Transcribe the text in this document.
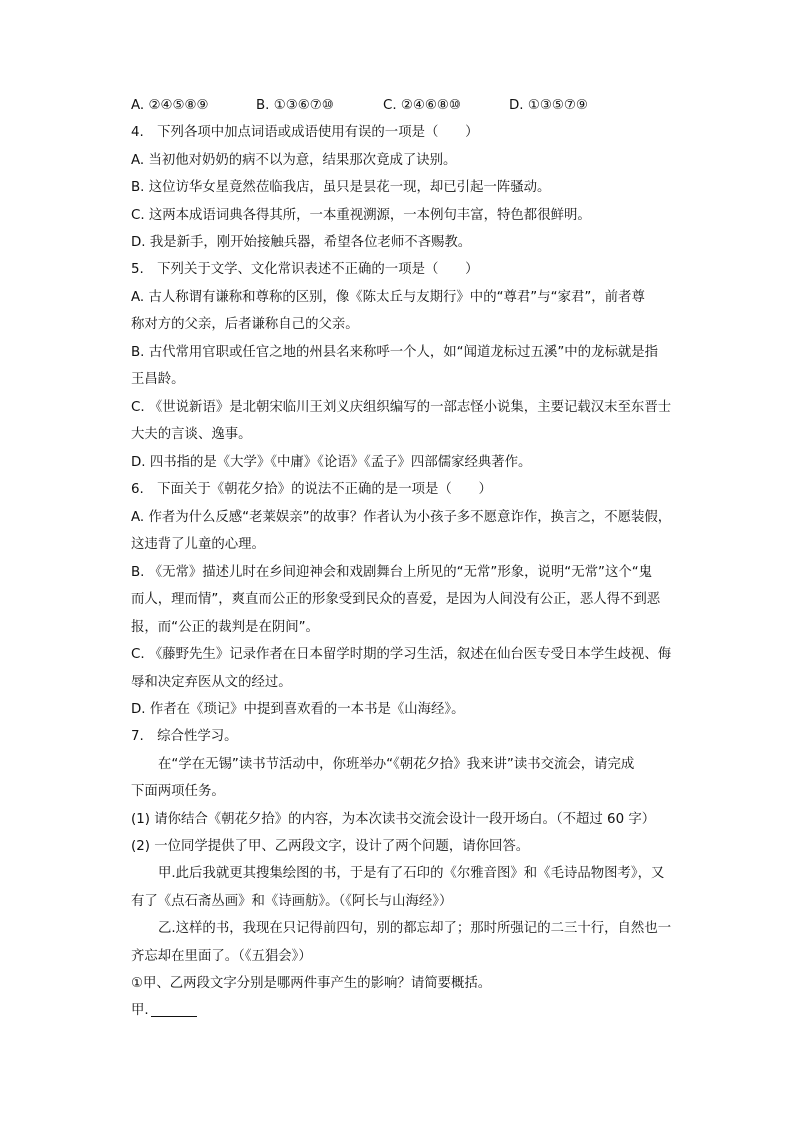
A. ②④⑤⑧⑨	B. ①③⑥⑦⑩	C. ②④⑥⑧⑩	D. ①③⑤⑦⑨
4.　下列各项中加点词语或成语使用有误的一项是（　　）
A. 当初他对奶奶的病不以为意，结果那次竟成了诀别。
B. 这位访华女星竟然莅临我店，虽只是昙花一现，却已引起一阵骚动。
C. 这两本成语词典各得其所，一本重视溯源，一本例句丰富，特色都很鲜明。
D. 我是新手，刚开始接触兵器，希望各位老师不吝赐教。
5.　下列关于文学、文化常识表述不正确的一项是（　　）
A. 古人称谓有谦称和尊称的区别，像《陈太丘与友期行》中的“尊君”与“家君”，前者尊
称对方的父亲，后者谦称自己的父亲。
B. 古代常用官职或任官之地的州县名来称呼一个人，如“闻道龙标过五溪”中的龙标就是指
王昌龄。
C. 《世说新语》是北朝宋临川王刘义庆组织编写的一部志怪小说集，主要记载汉末至东晋士
大夫的言谈、逸事。
D. 四书指的是《大学》《中庸》《论语》《孟子》四部儒家经典著作。
6.　下面关于《朝花夕拾》的说法不正确的是一项是（　　）
A. 作者为什么反感“老莱娱亲”的故事？作者认为小孩子多不愿意诈作，换言之，不愿装假，
这违背了儿童的心理。
B. 《无常》描述儿时在乡间迎神会和戏剧舞台上所见的“无常”形象，说明“无常”这个“鬼
而人，理而情”，爽直而公正的形象受到民众的喜爱，是因为人间没有公正，恶人得不到恶
报，而“公正的裁判是在阴间”。
C. 《藤野先生》记录作者在日本留学时期的学习生活，叙述在仙台医专受日本学生歧视、侮
辱和决定弃医从文的经过。
D. 作者在《琐记》中提到喜欢看的一本书是《山海经》。
7.　综合性学习。
在“学在无锡”读书节活动中，你班举办“《朝花夕拾》我来讲”读书交流会，请完成
下面两项任务。
(1) 请你结合《朝花夕拾》的内容，为本次读书交流会设计一段开场白。（不超过 60 字）
(2) 一位同学提供了甲、乙两段文字，设计了两个问题，请你回答。
甲.此后我就更其搜集绘图的书，于是有了石印的《尔雅音图》和《毛诗品物图考》，又
有了《点石斋丛画》和《诗画舫》。（《阿长与山海经》）
乙.这样的书，我现在只记得前四句，别的都忘却了；那时所强记的二三十行，自然也一
齐忘却在里面了。（《五猖会》）
①甲、乙两段文字分别是哪两件事产生的影响？请简要概括。
甲.
